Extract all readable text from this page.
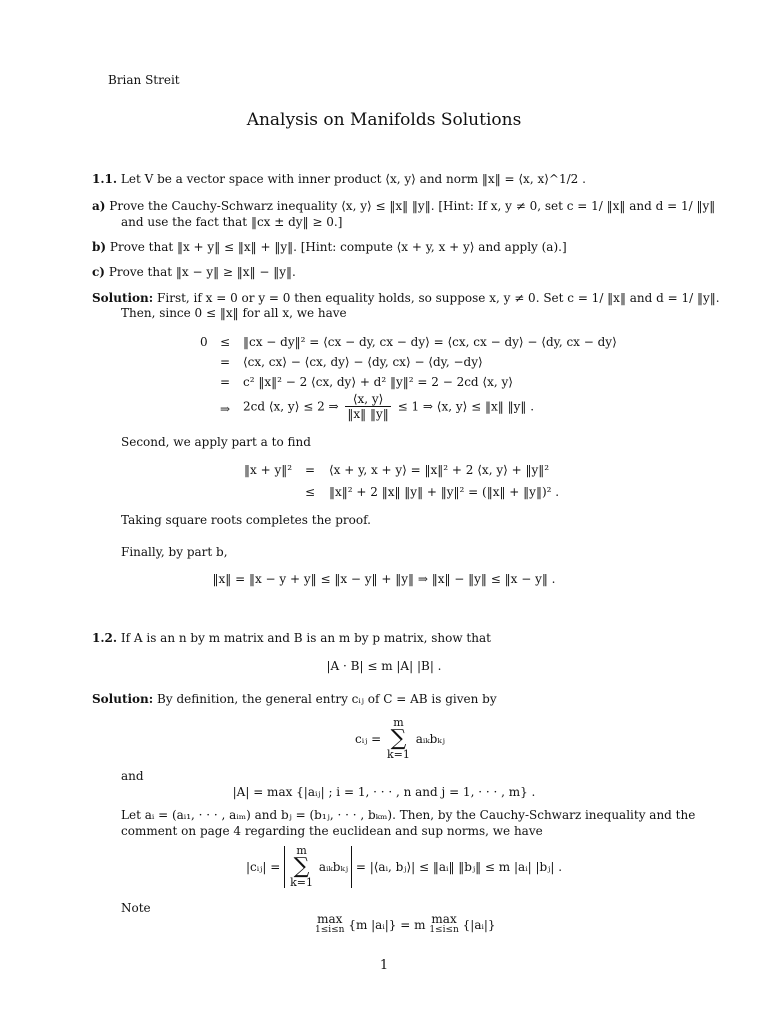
Brian Streit
Analysis on Manifolds Solutions
1.1. Let V be a vector space with inner product ⟨x, y⟩ and norm ‖x‖ = ⟨x, x⟩^1/2 .
a) Prove the Cauchy-Schwarz inequality ⟨x, y⟩ ≤ ‖x‖ ‖y‖. [Hint: If x, y ≠ 0, set c = 1/ ‖x‖ and d = 1/ ‖y‖
and use the fact that ‖cx ± dy‖ ≥ 0.]
b) Prove that ‖x + y‖ ≤ ‖x‖ + ‖y‖. [Hint: compute ⟨x + y, x + y⟩ and apply (a).]
c) Prove that ‖x − y‖ ≥ ‖x‖ − ‖y‖.
Solution: First, if x = 0 or y = 0 then equality holds, so suppose x, y ≠ 0. Set c = 1/ ‖x‖ and d = 1/ ‖y‖.
Then, since 0 ≤ ‖x‖ for all x, we have
0 ≤ ‖cx − dy‖² = ⟨cx − dy, cx − dy⟩ = ⟨cx, cx − dy⟩ − ⟨dy, cx − dy⟩
= ⟨cx, cx⟩ − ⟨cx, dy⟩ − ⟨dy, cx⟩ − ⟨dy, −dy⟩
= c² ‖x‖² − 2 ⟨cx, dy⟩ + d² ‖y‖² = 2 − 2cd ⟨x, y⟩
⇒ 2cd ⟨x, y⟩ ≤ 2 ⇒ $\frac{⟨x, y⟩}{‖x‖ ‖y‖} \le 1$ ⇒ ⟨x, y⟩ ≤ ‖x‖ ‖y‖ .
Second, we apply part a to find
‖x + y‖² = ⟨x + y, x + y⟩ = ‖x‖² + 2 ⟨x, y⟩ + ‖y‖²
≤ ‖x‖² + 2 ‖x‖ ‖y‖ + ‖y‖² = (‖x‖ + ‖y‖)² .
Taking square roots completes the proof.
Finally, by part b,
‖x‖ = ‖x − y + y‖ ≤ ‖x − y‖ + ‖y‖ ⇒ ‖x‖ − ‖y‖ ≤ ‖x − y‖ .
1.2. If A is an n by m matrix and B is an m by p matrix, show that
|A · B| ≤ m |A| |B| .
Solution: By definition, the general entry cᵢⱼ of C = AB is given by
cᵢⱼ = m
∑
k=1 aᵢₖbₖⱼ
and
|A| = max {|aᵢⱼ| ; i = 1, · · · , n and j = 1, · · · , m} .
Let aᵢ = (aᵢ₁, · · · , aᵢₘ) and bⱼ = (b₁ⱼ, · · · , bₖₘ). Then, by the Cauchy-Schwarz inequality and the
comment on page 4 regarding the euclidean and sup norms, we have
|cᵢⱼ| = m
∑
k=1 aᵢₖbₖⱼ = |⟨aᵢ, bⱼ⟩| ≤ ‖aᵢ‖ ‖bⱼ‖ ≤ m |aᵢ| |bⱼ| .
Note
max
1≤i≤n {m |aᵢ|} = m max
1≤i≤n {|aᵢ|}
1
